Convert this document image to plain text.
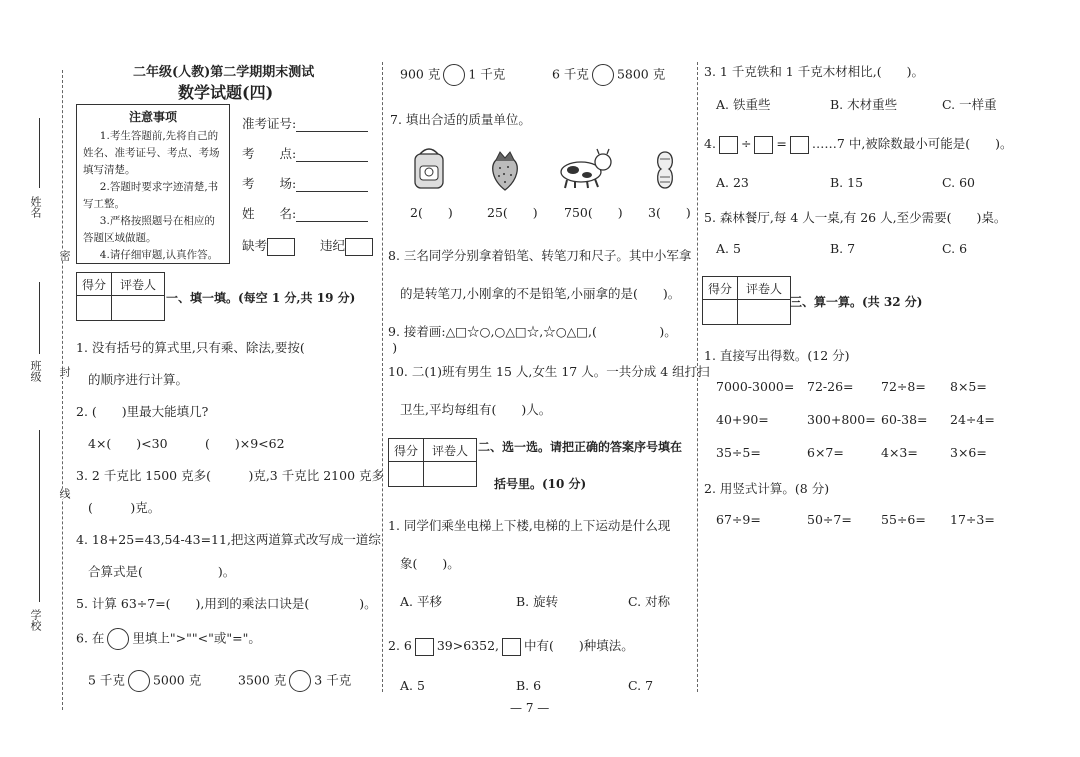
姓名
班级
学校
密
封
线
二年级(人教)第二学期期末测试
数学试题(四)
注意事项

1.考生答题前,先将自己的姓名、准考证号、考点、考场填写清楚。

2.答题时要求字迹清楚,书写工整。

3.严格按照题号在相应的答题区域做题。

4.请仔细审题,认真作答。

准考证号:
考　　点:
考　　场:
姓　　名:
缺考	违纪
得分	评卷人

一、填一填。(每空 1 分,共 19 分)
1. 没有括号的算式里,只有乘、除法,要按(　　　　　　　)
的顺序进行计算。
2. (　　)里最大能填几?
4×(　　)<30	(　　)×9<62
3. 2 千克比 1500 克多(　　　)克,3 千克比 2100 克多
(　　　)克。
4. 18+25=43,54-43=11,把这两道算式改写成一道综
合算式是(　　　　　　)。
5. 计算 63÷7=(　　),用到的乘法口诀是(　　　　)。
6. 在 里填上">""<"或"="。
5 千克 5000 克	3500 克 3 千克
900 克 1 千克	6 千克 5800 克
7. 填出合适的质量单位。
2(　　)	25(　　) 750(　　) 3(　　)
8. 三名同学分别拿着铅笔、转笔刀和尺子。其中小军拿
的是转笔刀,小刚拿的不是铅笔,小丽拿的是(　　)。
9. 接着画:△□☆○,○△□☆,☆○△□,(　　　　　)。
10. 二(1)班有男生 15 人,女生 17 人。一共分成 4 组打扫
卫生,平均每组有(　　)人。
得分	评卷人
	二、选一选。请把正确的答案序号填在
括号里。(10 分)
1. 同学们乘坐电梯上下楼,电梯的上下运动是什么现
象(　　)。
A. 平移	B. 旋转	C. 对称
2. 6 39>6352, 中有(　　)种填法。
A. 5	B. 6	C. 7
— 7 —
3. 1 千克铁和 1 千克木材相比,(　　)。
A. 铁重些	B. 木材重些	C. 一样重
4. ÷ = ……7 中,被除数最小可能是(　　)。
A. 23	B. 15	C. 60
5. 森林餐厅,每 4 人一桌,有 26 人,至少需要(　　)桌。
A. 5	B. 7	C. 6
得分	评卷人

三、算一算。(共 32 分)
1. 直接写出得数。(12 分)
7000-3000= 72-26= 72÷8= 8×5=
40+90=	300+800= 60-38= 24÷4=
35÷5=	6×7=	4×3=	3×6=
2. 用竖式计算。(8 分)
67÷9=	50÷7= 55÷6= 17÷3=
